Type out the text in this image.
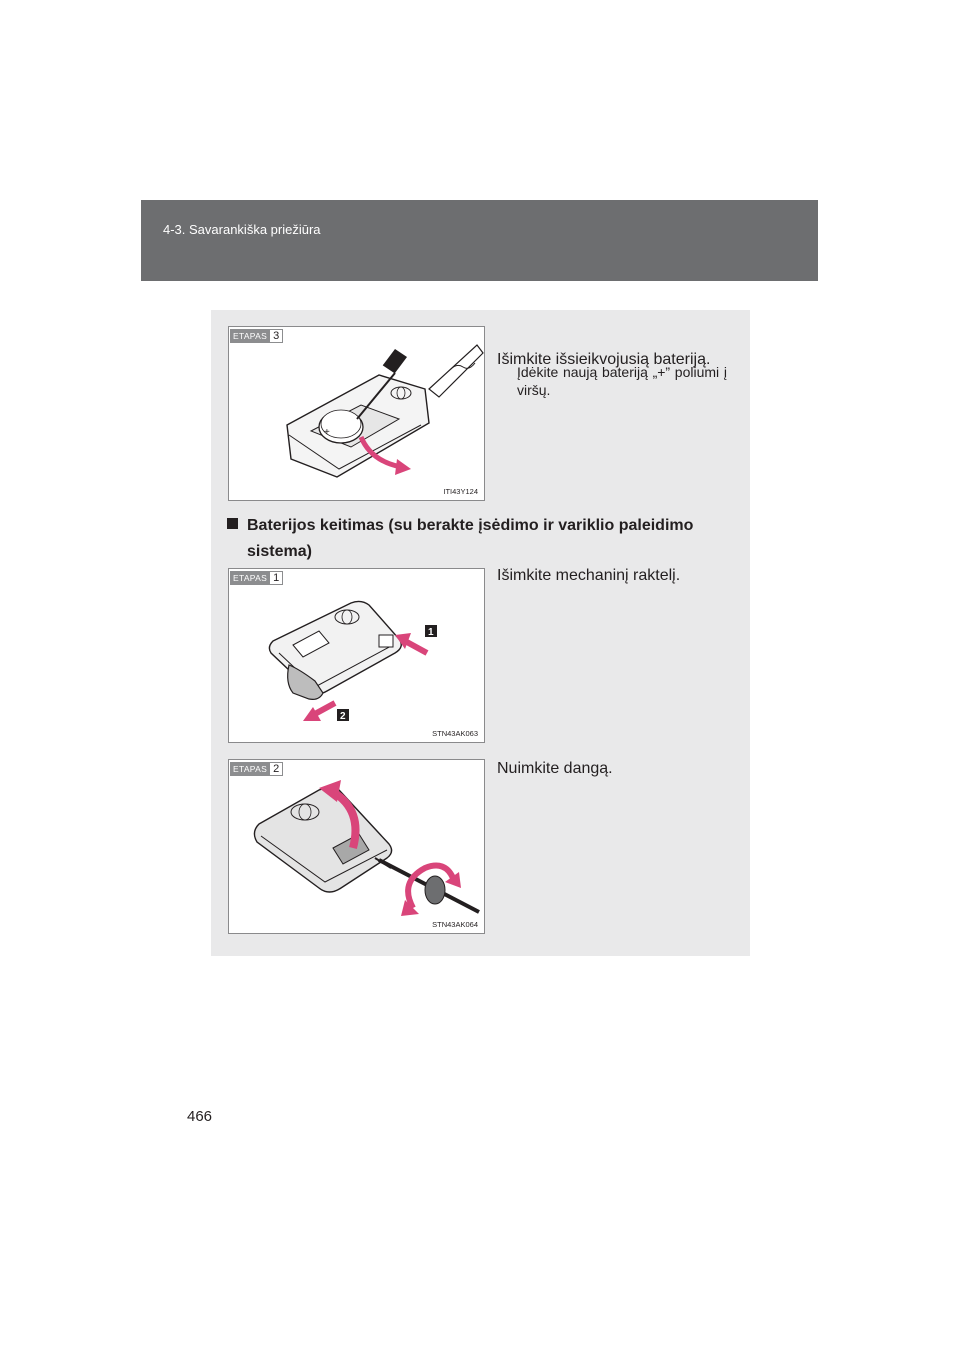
4-3. Savarankiška priežiūra
+
ETAPAS 3
ITI43Y124
Išimkite išsieikvojusią bateriją.
Įdėkite naują bateriją „+” poliumi į viršų.
Baterijos keitimas (su berakte įsėdimo ir variklio paleidimo
sistema)
1
2
ETAPAS 1
STN43AK063
Išimkite mechaninį raktelį.
ETAPAS 2
STN43AK064
Nuimkite dangą.
466
